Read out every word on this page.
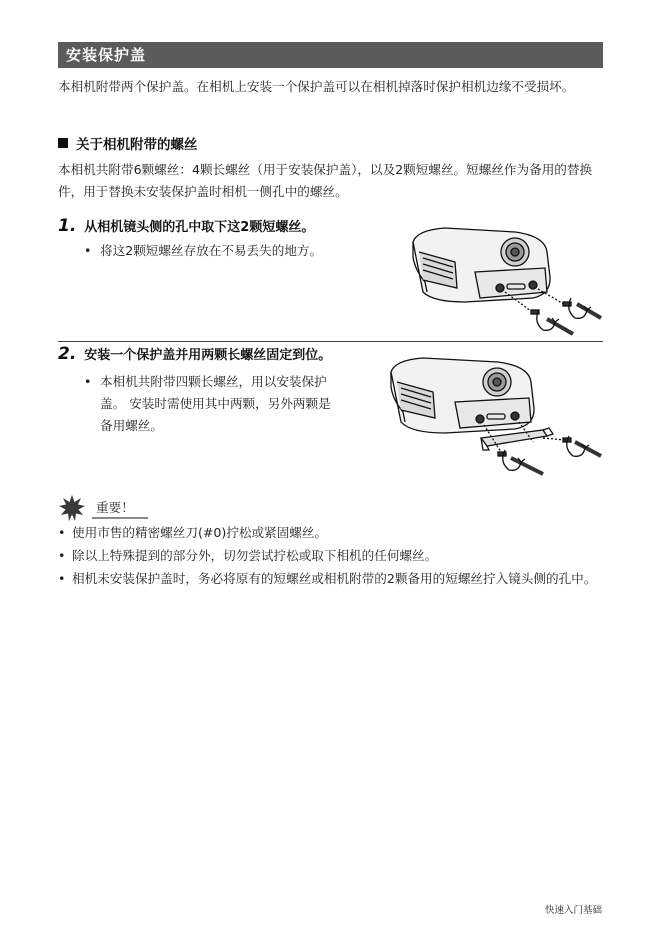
安装保护盖
本相机附带两个保护盖。在相机上安装一个保护盖可以在相机掉落时保护相机边缘不受损坏。
关于相机附带的螺丝
本相机共附带6颗螺丝：4颗长螺丝（用于安装保护盖），以及2颗短螺丝。短螺丝作为备用的替换件，用于替换未安装保护盖时相机一侧孔中的螺丝。
1. 从相机镜头侧的孔中取下这2颗短螺丝。
• 将这2颗短螺丝存放在不易丢失的地方。
2. 安装一个保护盖并用两颗长螺丝固定到位。
• 本相机共附带四颗长螺丝，用以安装保护
盖。 安装时需使用其中两颗，另外两颗是
备用螺丝。
重要！
• 使用市售的精密螺丝刀(#0)拧松或紧固螺丝。
• 除以上特殊提到的部分外，切勿尝试拧松或取下相机的任何螺丝。
• 相机未安装保护盖时，务必将原有的短螺丝或相机附带的2颗备用的短螺丝拧入镜头侧的孔中。
快速入门基础
